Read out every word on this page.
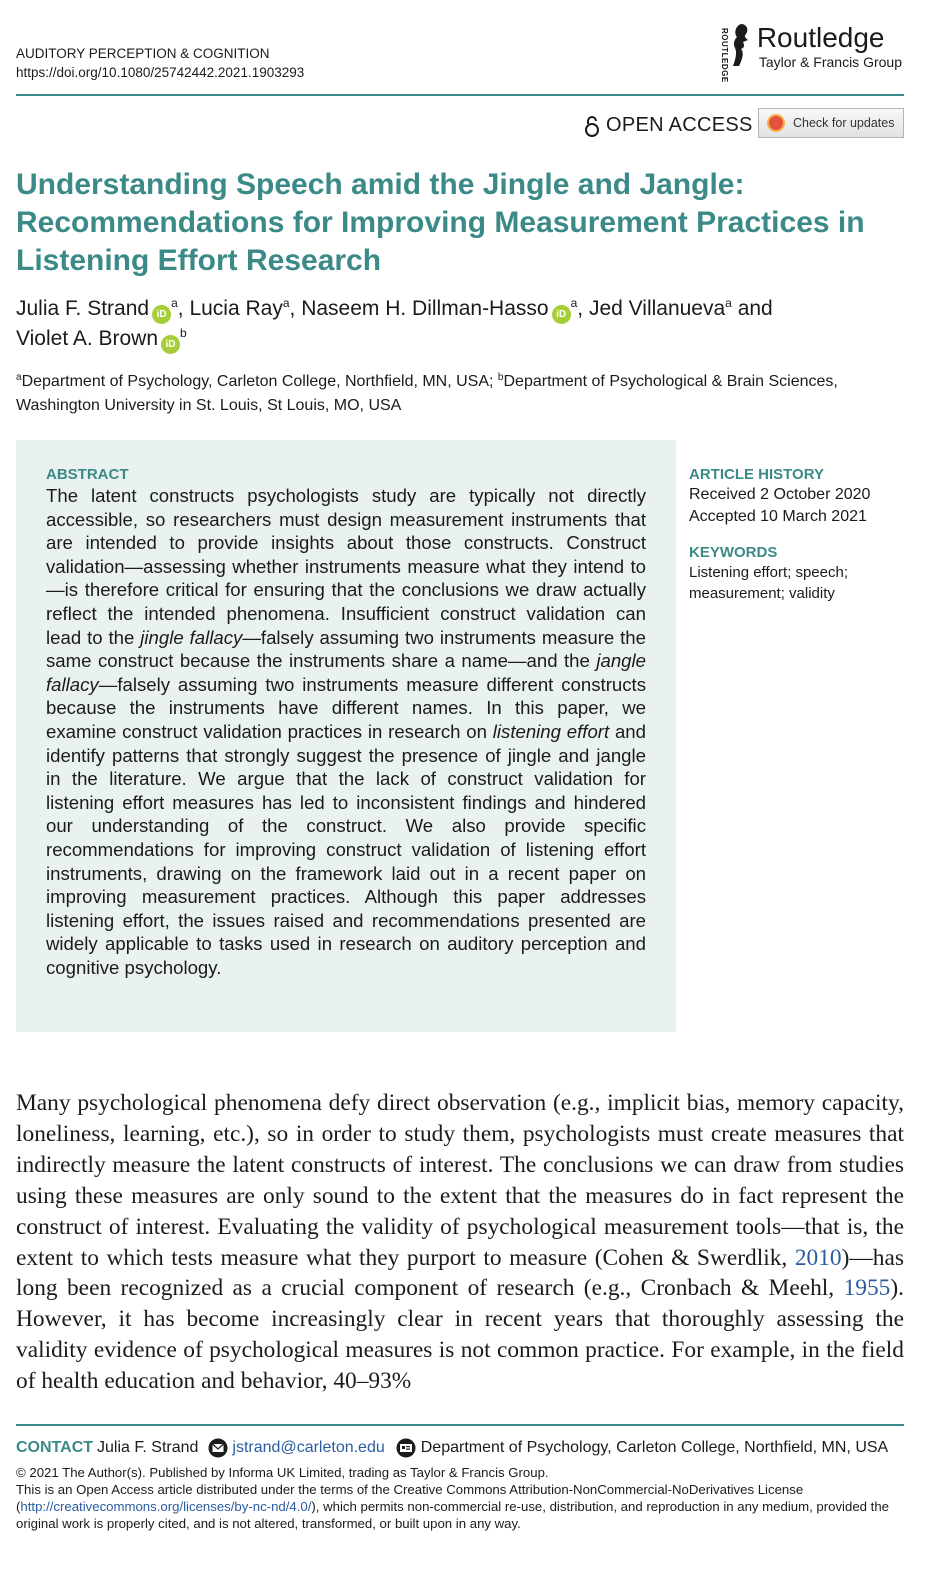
AUDITORY PERCEPTION & COGNITION
https://doi.org/10.1080/25742442.2021.1903293	ROUTLEDGE Routledge
Taylor & Francis Group
OPEN ACCESS	Check for updates
Understanding Speech amid the Jingle and Jangle: Recommendations for Improving Measurement Practices in Listening Effort Research
Julia F. Strand $iD^a$, Lucia Ray$^a$, Naseem H. Dillman-Hasso $iD^a$, Jed Villanueva$^a$ and
Violet A. Brown $iD^b$
$^a$Department of Psychology, Carleton College, Northfield, MN, USA; $^b$Department of Psychological & Brain Sciences, Washington University in St. Louis, St Louis, MO, USA
ABSTRACT
The latent constructs psychologists study are typically not directly accessible, so researchers must design measurement instruments that are intended to provide insights about those constructs. Construct validation—assessing whether instruments measure what they intend to—is therefore critical for ensuring that the conclusions we draw actually reflect the intended phenomena. Insufficient construct validation can lead to the jingle fallacy—falsely assuming two instruments measure the same construct because the instruments share a name—and the jangle fallacy—falsely assuming two instruments measure different constructs because the instruments have different names. In this paper, we examine construct validation practices in research on listening effort and identify patterns that strongly suggest the presence of jingle and jangle in the literature. We argue that the lack of construct validation for listening effort measures has led to inconsistent findings and hindered our understanding of the construct. We also provide specific recommendations for improving construct validation of listening effort instruments, drawing on the framework laid out in a recent paper on improving measurement practices. Although this paper addresses listening effort, the issues raised and recommendations presented are widely applicable to tasks used in research on auditory perception and cognitive psychology.
ARTICLE HISTORY
Received 2 October 2020
Accepted 10 March 2021
KEYWORDS
Listening effort; speech; measurement; validity
Many psychological phenomena defy direct observation (e.g., implicit bias, memory capacity, loneliness, learning, etc.), so in order to study them, psychologists must create measures that indirectly measure the latent constructs of interest. The conclusions we can draw from studies using these measures are only sound to the extent that the measures do in fact represent the construct of interest. Evaluating the validity of psychological measurement tools—that is, the extent to which tests measure what they purport to measure (Cohen & Swerdlik, 2010)—has long been recognized as a crucial component of research (e.g., Cronbach & Meehl, 1955). However, it has become increasingly clear in recent years that thoroughly assessing the validity evidence of psychological measures is not common practice. For example, in the field of health education and behavior, 40–93%
CONTACT Julia F. Strand jstrand@carleton.edu Department of Psychology, Carleton College, Northfield, MN, USA
© 2021 The Author(s). Published by Informa UK Limited, trading as Taylor & Francis Group.
This is an Open Access article distributed under the terms of the Creative Commons Attribution-NonCommercial-NoDerivatives License (http://creativecommons.org/licenses/by-nc-nd/4.0/), which permits non-commercial re-use, distribution, and reproduction in any medium, provided the original work is properly cited, and is not altered, transformed, or built upon in any way.
